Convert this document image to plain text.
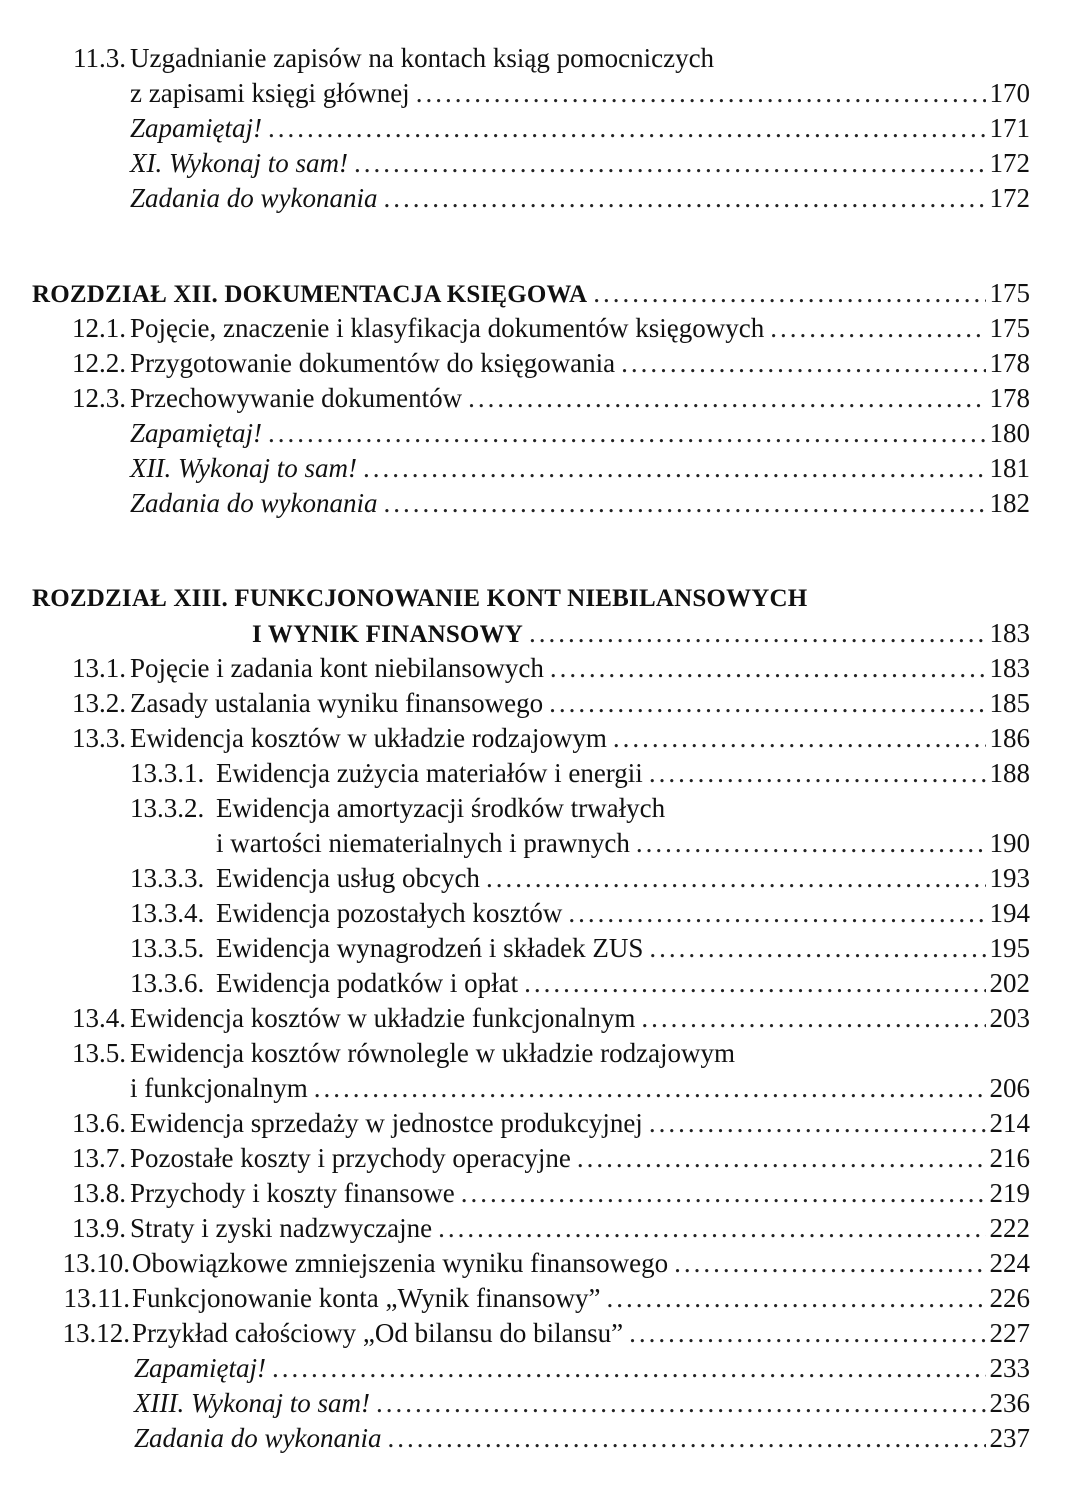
11.3. Uzgadnianie zapisów na kontach ksiąg pomocniczych
z zapisami księgi głównej .....	170
Zapamiętaj! .....	171
XI. Wykonaj to sam! .....	172
Zadania do wykonania .....	172
ROZDZIAŁ XII. DOKUMENTACJA KSIĘGOWA .....	175
12.1. Pojęcie, znaczenie i klasyfikacja dokumentów księgowych .....	175
12.2. Przygotowanie dokumentów do księgowania .....	178
12.3. Przechowywanie dokumentów .....	178
Zapamiętaj! .....	180
XII. Wykonaj to sam! .....	181
Zadania do wykonania .....	182
ROZDZIAŁ XIII. FUNKCJONOWANIE KONT NIEBILANSOWYCH
I WYNIK FINANSOWY .....	183
13.1. Pojęcie i zadania kont niebilansowych .....	183
13.2. Zasady ustalania wyniku finansowego .....	185
13.3. Ewidencja kosztów w układzie rodzajowym .....	186
13.3.1. Ewidencja zużycia materiałów i energii .....	188
13.3.2. Ewidencja amortyzacji środków trwałych
i wartości niematerialnych i prawnych .....	190
13.3.3. Ewidencja usług obcych .....	193
13.3.4. Ewidencja pozostałych kosztów .....	194
13.3.5. Ewidencja wynagrodzeń i składek ZUS .....	195
13.3.6. Ewidencja podatków i opłat .....	202
13.4. Ewidencja kosztów w układzie funkcjonalnym .....	203
13.5. Ewidencja kosztów równolegle w układzie rodzajowym
i funkcjonalnym .....	206
13.6. Ewidencja sprzedaży w jednostce produkcyjnej .....	214
13.7. Pozostałe koszty i przychody operacyjne .....	216
13.8. Przychody i koszty finansowe .....	219
13.9. Straty i zyski nadzwyczajne .....	222
13.10. Obowiązkowe zmniejszenia wyniku finansowego .....	224
13.11. Funkcjonowanie konta „Wynik finansowy” .....	226
13.12. Przykład całościowy „Od bilansu do bilansu” .....	227
Zapamiętaj! .....	233
XIII. Wykonaj to sam! .....	236
Zadania do wykonania .....	237
